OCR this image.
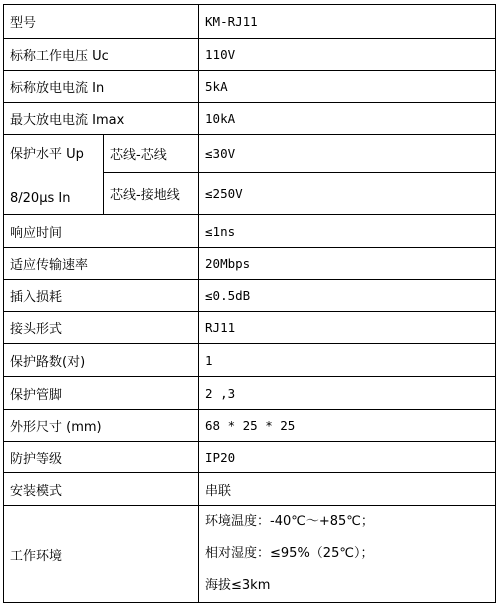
型号		KM-RJ11
标称工作电压 Uc		110V
标称放电电流 In		5kA
最大放电电流 Imax		10kA

保护水平 Up
8/20μs In	芯线-芯线	≤30V
	芯线-接地线	≤250V
响应时间		≤1ns
适应传输速率		20Mbps
插入损耗		≤0.5dB
接头形式		RJ11
保护路数(对)		1
保护管脚		2 ,3
外形尺寸 (mm)		68 * 25 * 25
防护等级		IP20
安装模式		串联
工作环境		环境温度：-40℃～+85℃；
相对湿度：≤95%（25℃）；
海拔≤3km
